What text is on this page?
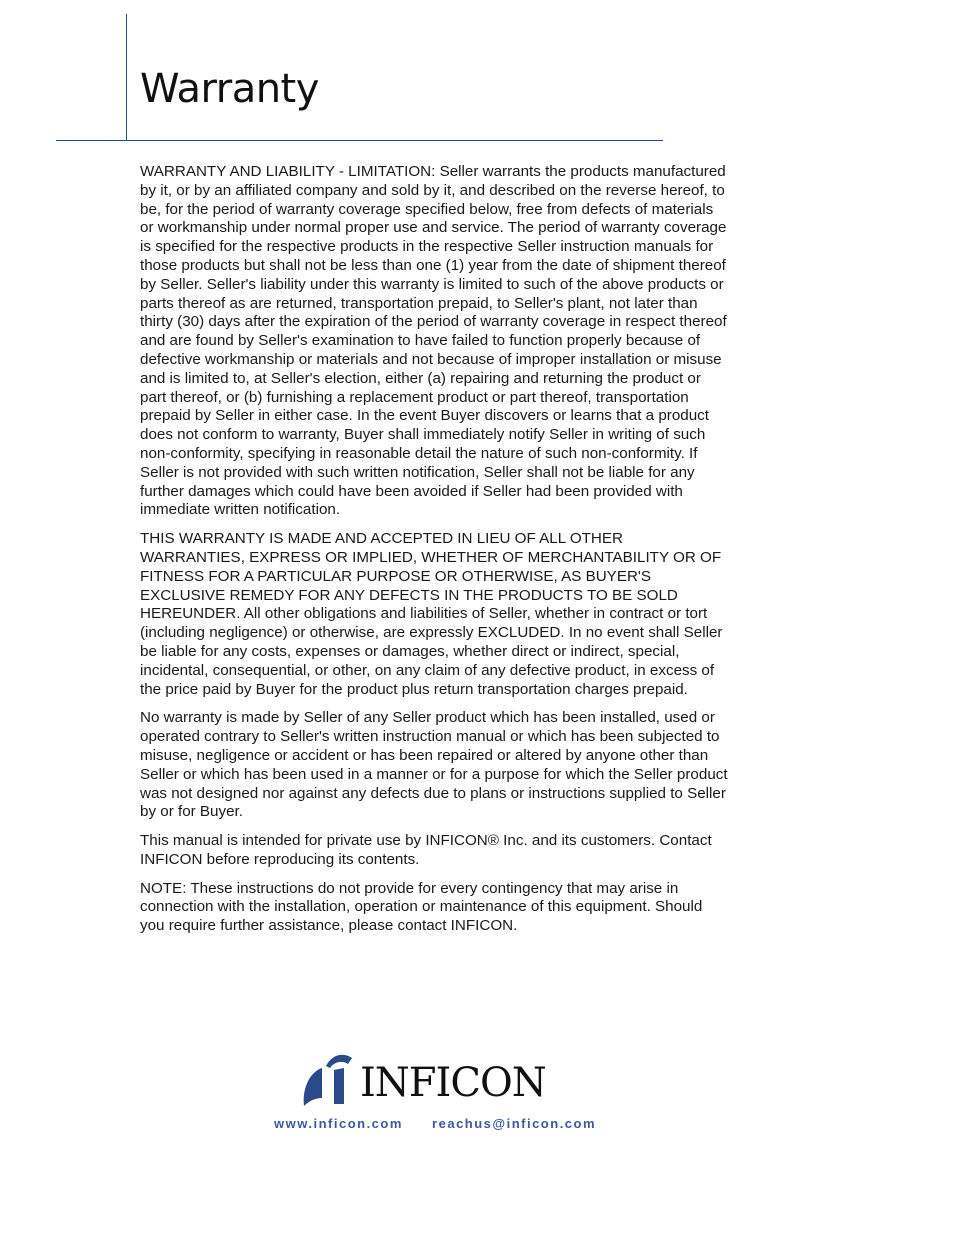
Warranty

WARRANTY AND LIABILITY - LIMITATION: Seller warrants the products manufactured by it, or by an affiliated company and sold by it, and described on the reverse hereof, to be, for the period of warranty coverage specified below, free from defects of materials or workmanship under normal proper use and service. The period of warranty coverage is specified for the respective products in the respective Seller instruction manuals for those products but shall not be less than one (1) year from the date of shipment thereof by Seller. Seller's liability under this warranty is limited to such of the above products or parts thereof as are returned, transportation prepaid, to Seller's plant, not later than thirty (30) days after the expiration of the period of warranty coverage in respect thereof and are found by Seller's examination to have failed to function properly because of defective workmanship or materials and not because of improper installation or misuse and is limited to, at Seller's election, either (a) repairing and returning the product or part thereof, or (b) furnishing a replacement product or part thereof, transportation prepaid by Seller in either case. In the event Buyer discovers or learns that a product does not conform to warranty, Buyer shall immediately notify Seller in writing of such non-conformity, specifying in reasonable detail the nature of such non-conformity. If Seller is not provided with such written notification, Seller shall not be liable for any further damages which could have been avoided if Seller had been provided with immediate written notification.

THIS WARRANTY IS MADE AND ACCEPTED IN LIEU OF ALL OTHER WARRANTIES, EXPRESS OR IMPLIED, WHETHER OF MERCHANTABILITY OR OF FITNESS FOR A PARTICULAR PURPOSE OR OTHERWISE, AS BUYER'S EXCLUSIVE REMEDY FOR ANY DEFECTS IN THE PRODUCTS TO BE SOLD HEREUNDER. All other obligations and liabilities of Seller, whether in contract or tort (including negligence) or otherwise, are expressly EXCLUDED. In no event shall Seller be liable for any costs, expenses or damages, whether direct or indirect, special, incidental, consequential, or other, on any claim of any defective product, in excess of the price paid by Buyer for the product plus return transportation charges prepaid.

No warranty is made by Seller of any Seller product which has been installed, used or operated contrary to Seller's written instruction manual or which has been subjected to misuse, negligence or accident or has been repaired or altered by anyone other than Seller or which has been used in a manner or for a purpose for which the Seller product was not designed nor against any defects due to plans or instructions supplied to Seller by or for Buyer.

This manual is intended for private use by INFICON® Inc. and its customers. Contact INFICON before reproducing its contents.

NOTE: These instructions do not provide for every contingency that may arise in connection with the installation, operation or maintenance of this equipment. Should you require further assistance, please contact INFICON.

INFICON
www.inficon.com reachus@inficon.com
